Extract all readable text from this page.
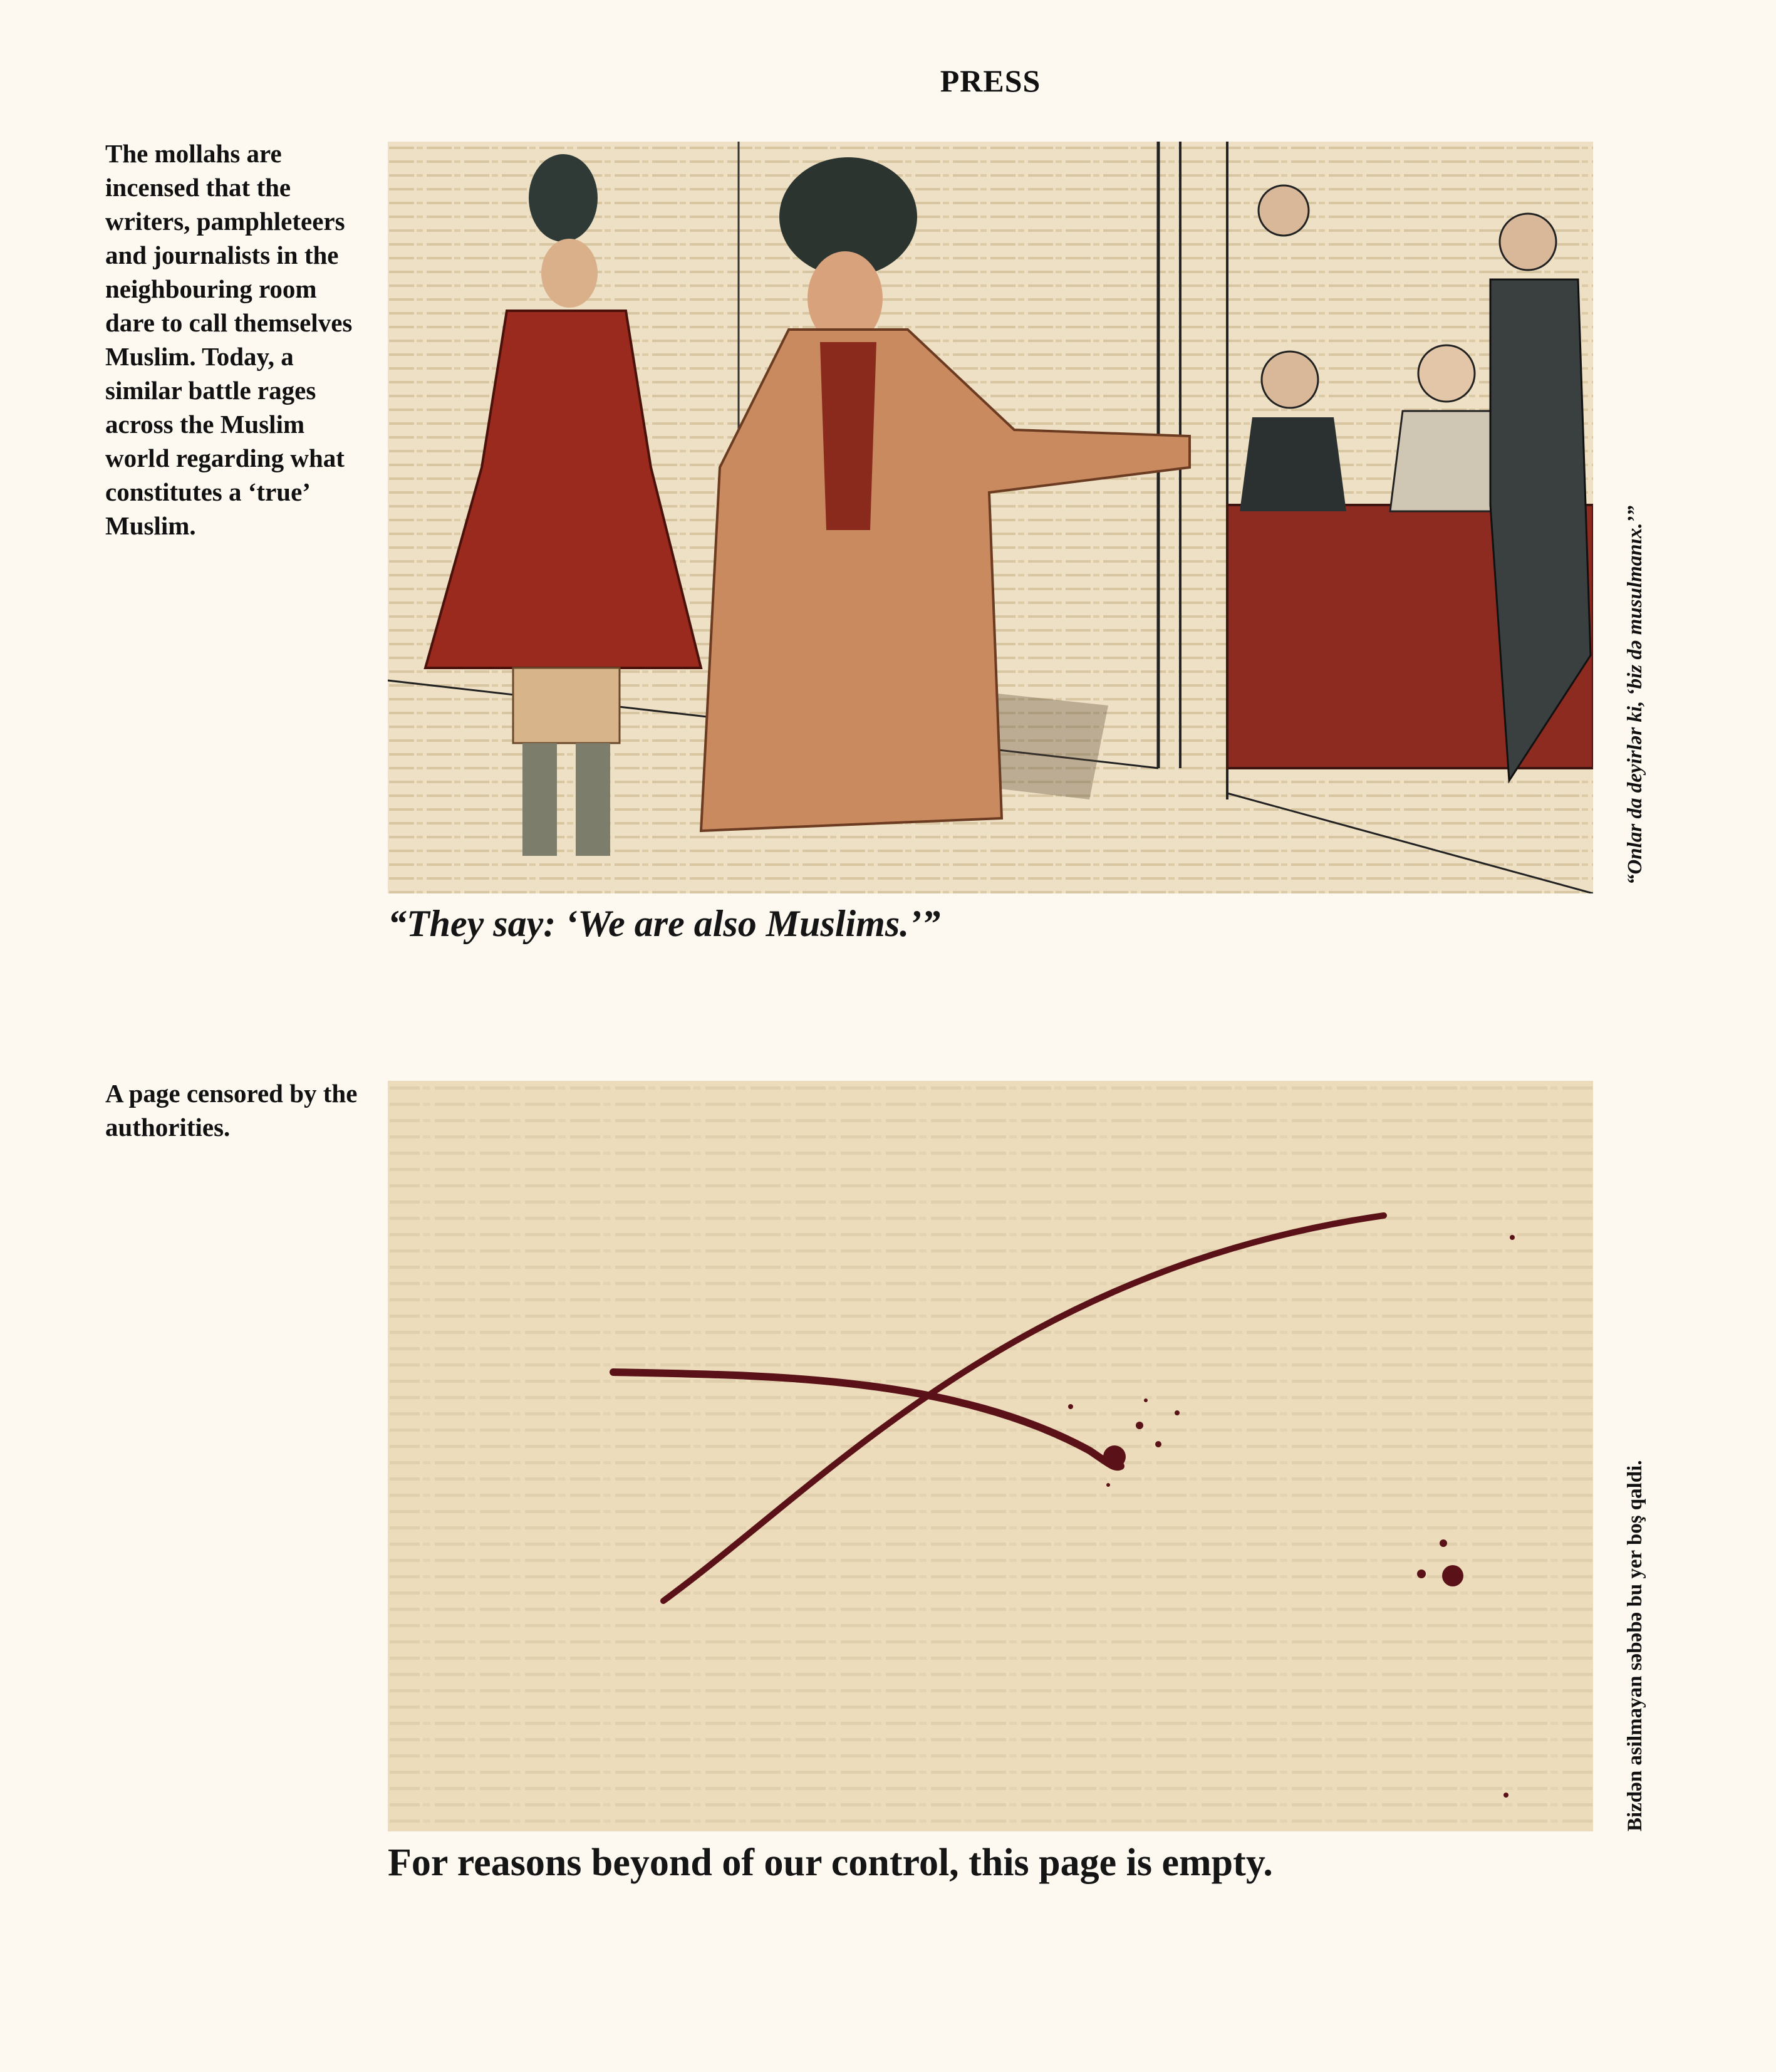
PRESS
The mollahs are incensed that the writers, pamphleteers and journalists in the neighbouring room dare to call themselves Muslim. Today, a similar battle rages across the Muslim world regarding what constitutes a ‘true’ Muslim.
“They say: ‘We are also Muslims.’”
“Onlar da deyirlər ki, ‘biz də musulmanıx.’”
A page censored by the authorities.
For reasons beyond of our control, this page is empty.
Bizdən asilmayan səbəbə bu yer boş qaldi.
